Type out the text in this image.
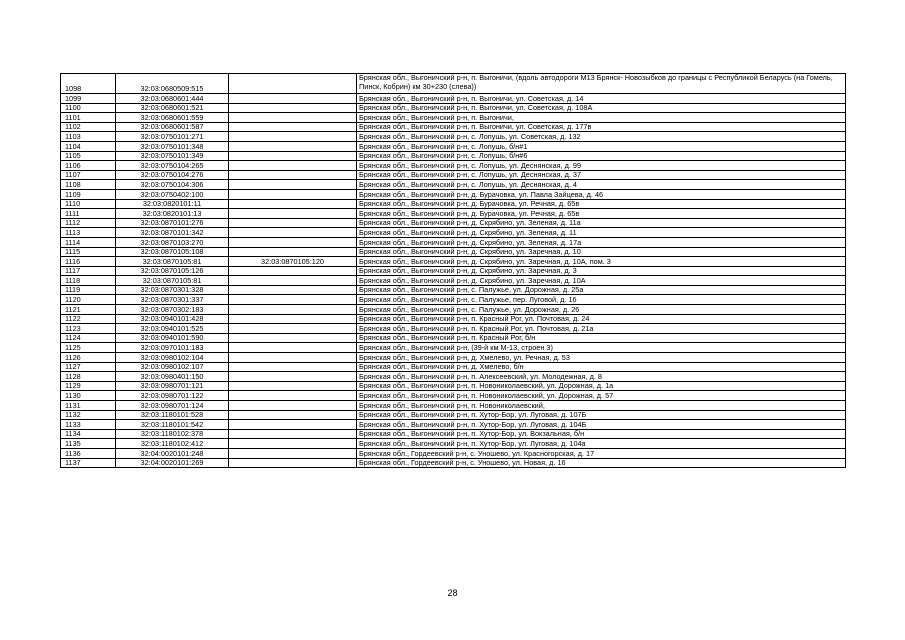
1098	32:03:0680509:515		Брянская обл., Выгоничский р-н, п. Выгоничи, (вдоль автодороги М13 Брянск- Новозыбков до границы с Республикой Беларусь (на Гомель, Пинск, Кобрин) км 30+230 (слева))
1099	32:03:0680601:444		Брянская обл., Выгоничский р-н, п. Выгоничи, ул. Советская, д. 14
1100	32:03:0680601:521		Брянская обл., Выгоничский р-н, п. Выгоничи, ул. Советская, д. 108А
1101	32:03:0680601:559		Брянская обл., Выгоничский р-н, п. Выгоничи,
1102	32:03:0680601:587		Брянская обл., Выгоничский р-н, п. Выгоничи, ул. Советская, д. 177в
1103	32:03:0750101:271		Брянская обл., Выгоничский р-н, с. Лопушь, ул. Советская, д. 132
1104	32:03:0750101:348		Брянская обл., Выгоничский р-н, с. Лопушь, б/н#1
1105	32:03:0750101:349		Брянская обл., Выгоничский р-н, с. Лопушь, б/н#6
1106	32:03:0750104:265		Брянская обл., Выгоничский р-н, с. Лопушь, ул. Деснянская, д. 99
1107	32:03:0750104:276		Брянская обл., Выгоничский р-н, с. Лопушь, ул. Деснянская, д. 37
1108	32:03:0750104:306		Брянская обл., Выгоничский р-н, с. Лопушь, ул. Деснянская, д. 4
1109	32:03:0750402:100		Брянская обл., Выгоничский р-н, д. Бурачовка, ул. Павла Зайцева, д. 46
1110	32:03:0820101:11		Брянская обл., Выгоничский р-н, д. Бурачовка, ул. Речная, д. 65в
1111	32:03:0820101:13		Брянская обл., Выгоничский р-н, д. Бурачовка, ул. Речная, д. 65в
1112	32:03:0870101:276		Брянская обл., Выгоничский р-н, д. Скрябино, ул. Зеленая, д. 11а
1113	32:03:0870101:342		Брянская обл., Выгоничский р-н, д. Скрябино, ул. Зеленая, д. 11
1114	32:03:0870103:270		Брянская обл., Выгоничский р-н, д. Скрябино, ул. Зеленая, д. 17а
1115	32:03:0870105:108		Брянская обл., Выгоничский р-н, д. Скрябино, ул. Заречная, д. 10
1116	32:03:0870105:81	32:03:0870105:120	Брянская обл., Выгоничский р-н, д. Скрябино, ул. Заречная, д. 10А, пом. 3
1117	32:03:0870105:126		Брянская обл., Выгоничский р-н, д. Скрябино, ул. Заречная, д. 3
1118	32:03:0870105:81		Брянская обл., Выгоничский р-н, д. Скрябино, ул. Заречная, д. 10А
1119	32:03:0870301:328		Брянская обл., Выгоничский р-н, с. Палужье, ул. Дорожная, д. 25а
1120	32:03:0870301:337		Брянская обл., Выгоничский р-н, с. Палужье, пер. Луговой, д. 16
1121	32:03:0870302:183		Брянская обл., Выгоничский р-н, с. Палужье, ул. Дорожная, д. 26
1122	32:03:0940101:428		Брянская обл., Выгоничский р-н, п. Красный Рог, ул. Почтовая, д. 24
1123	32:03:0940101:525		Брянская обл., Выгоничский р-н, п. Красный Рог, ул. Почтовая, д. 21а
1124	32:03:0940101:590		Брянская обл., Выгоничский р-н, п. Красный Рог, б/н
1125	32:03:0970101:183		Брянская обл., Выгоничский р-н, (39-й км М-13, строен 3)
1126	32:03:0980102:104		Брянская обл., Выгоничский р-н, д. Хмелево, ул. Речная, д. 53
1127	32:03:0980102:107		Брянская обл., Выгоничский р-н, д. Хмелево, б/н
1128	32:03:0980401:150		Брянская обл., Выгоничский р-н, п. Алексеевский, ул. Молодежная, д. 8
1129	32:03:0980701:121		Брянская обл., Выгоничский р-н, п. Новониколаевский, ул. Дорожная, д. 1а
1130	32:03:0980701:122		Брянская обл., Выгоничский р-н, п. Новониколаевский, ул. Дорожная, д. 57
1131	32:03:0980701:124		Брянская обл., Выгоничский р-н, п. Новониколаевский,
1132	32:03:1180101:528		Брянская обл., Выгоничский р-н, п. Хутор-Бор, ул. Луговая, д. 107Б
1133	32:03:1180101:542		Брянская обл., Выгоничский р-н, п. Хутор-Бор, ул. Луговая, д. 104Б
1134	32:03:1180102:378		Брянская обл., Выгоничский р-н, п. Хутор-Бор, ул. Вокзальная, б/н
1135	32:03:1180102:412		Брянская обл., Выгоничский р-н, п. Хутор-Бор, ул. Луговая, д. 104а
1136	32:04:0020101:248		Брянская обл., Гордеевский р-н, с. Уношево, ул. Красногорская, д. 17
1137	32:04:0020101:269		Брянская обл., Гордеевский р-н, с. Уношево, ул. Новая, д. 16
28
